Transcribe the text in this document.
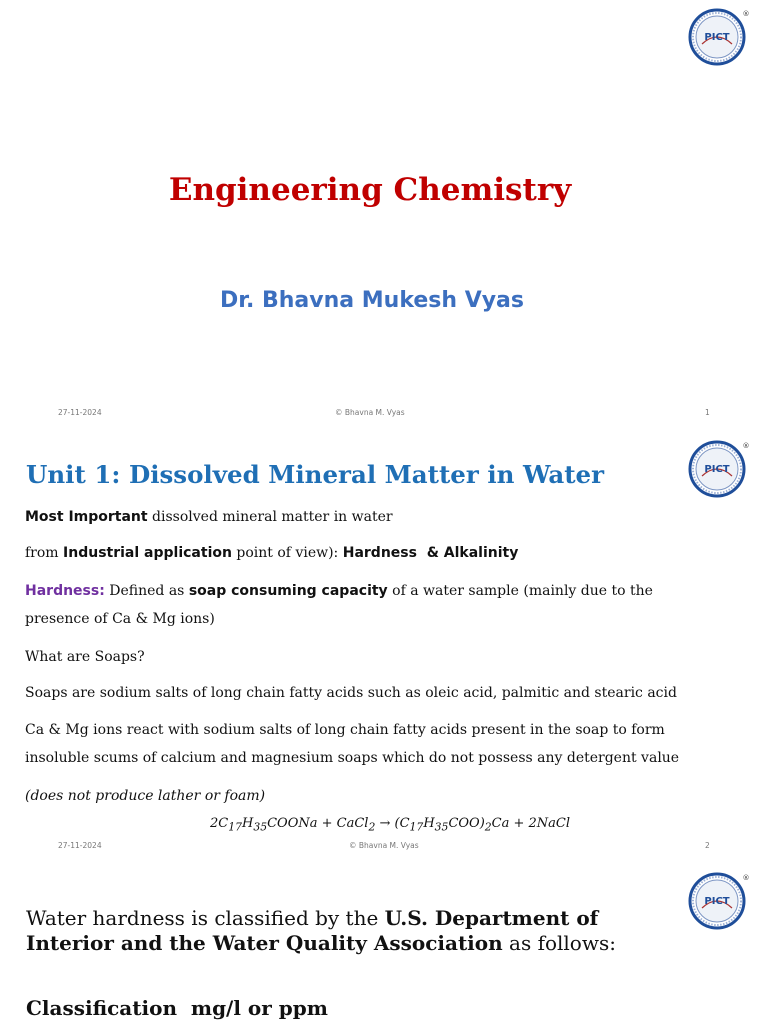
PICT
®
Engineering Chemistry
Dr. Bhavna Mukesh Vyas
27-11-2024	© Bhavna M. Vyas	1
PICT
®
Unit 1: Dissolved Mineral Matter in Water
Most Important dissolved mineral matter in water
from Industrial application point of view): Hardness  & Alkalinity
Hardness: Defined as soap consuming capacity of a water sample (mainly due to the
presence of Ca & Mg ions)
What are Soaps?
Soaps are sodium salts of long chain fatty acids such as oleic acid, palmitic and stearic acid
Ca & Mg ions react with sodium salts of long chain fatty acids present in the soap to form
insoluble scums of calcium and magnesium soaps which do not possess any detergent value
(does not produce lather or foam)
$2C_{17}H_{35}COONa$ + CaCl$_2$ → $(C_{17}H_{35}COO)_2Ca$ + 2NaCl
27-11-2024	© Bhavna M. Vyas	2
PICT
®
Water hardness is classified by the U.S. Department of
Interior and the Water Quality Association as follows:
Classification  mg/l or ppm
